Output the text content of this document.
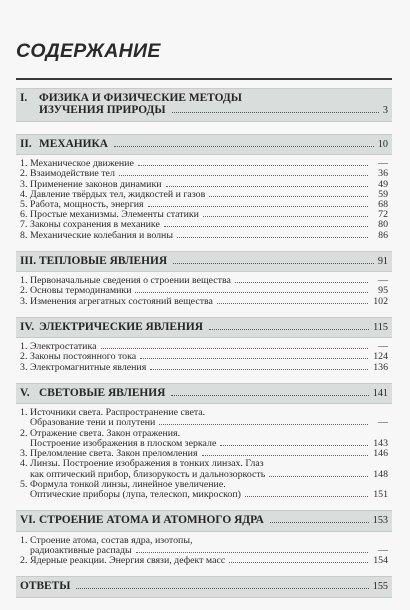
СОДЕРЖАНИЕ
I.	ФИЗИКА И ФИЗИЧЕСКИЕ МЕТОДЫ
ИЗУЧЕНИЯ ПРИРОДЫ	3
II. МЕХАНИКА	10
1. Механическое движение	—
2. Взаимодействие тел	36
3. Применение законов динамики	49
4. Давление твёрдых тел, жидкостей и газов	59
5. Работа, мощность, энергия	68
6. Простые механизмы. Элементы статики	72
7. Законы сохранения в механике	80
8. Механические колебания и волны	86
III. ТЕПЛОВЫЕ ЯВЛЕНИЯ	91
1. Первоначальные сведения о строении вещества	—
2. Основы термодинамики	95
3. Изменения агрегатных состояний вещества	102
IV. ЭЛЕКТРИЧЕСКИЕ ЯВЛЕНИЯ	115
1. Электростатика	—
2. Законы постоянного тока	124
3. Электромагнитные явления	136
V. СВЕТОВЫЕ ЯВЛЕНИЯ	141
1. Источники света. Распространение света.
Образование тени и полутени	—
2. Отражение света. Закон отражения.
Построение изображения в плоском зеркале	143
3. Преломление света. Закон преломления	146
4. Линзы. Построение изображения в тонких линзах. Глаз
как оптический прибор, близорукость и дальнозоркость	148
5. Формула тонкой линзы, линейное увеличение.
Оптические приборы (лупа, телескоп, микроскоп)	151
VI. СТРОЕНИЕ АТОМА И АТОМНОГО ЯДРА	153
1. Строение атома, состав ядра, изотопы,
радиоактивные распады	—
2. Ядерные реакции. Энергия связи, дефект масс	154
ОТВЕТЫ	155
